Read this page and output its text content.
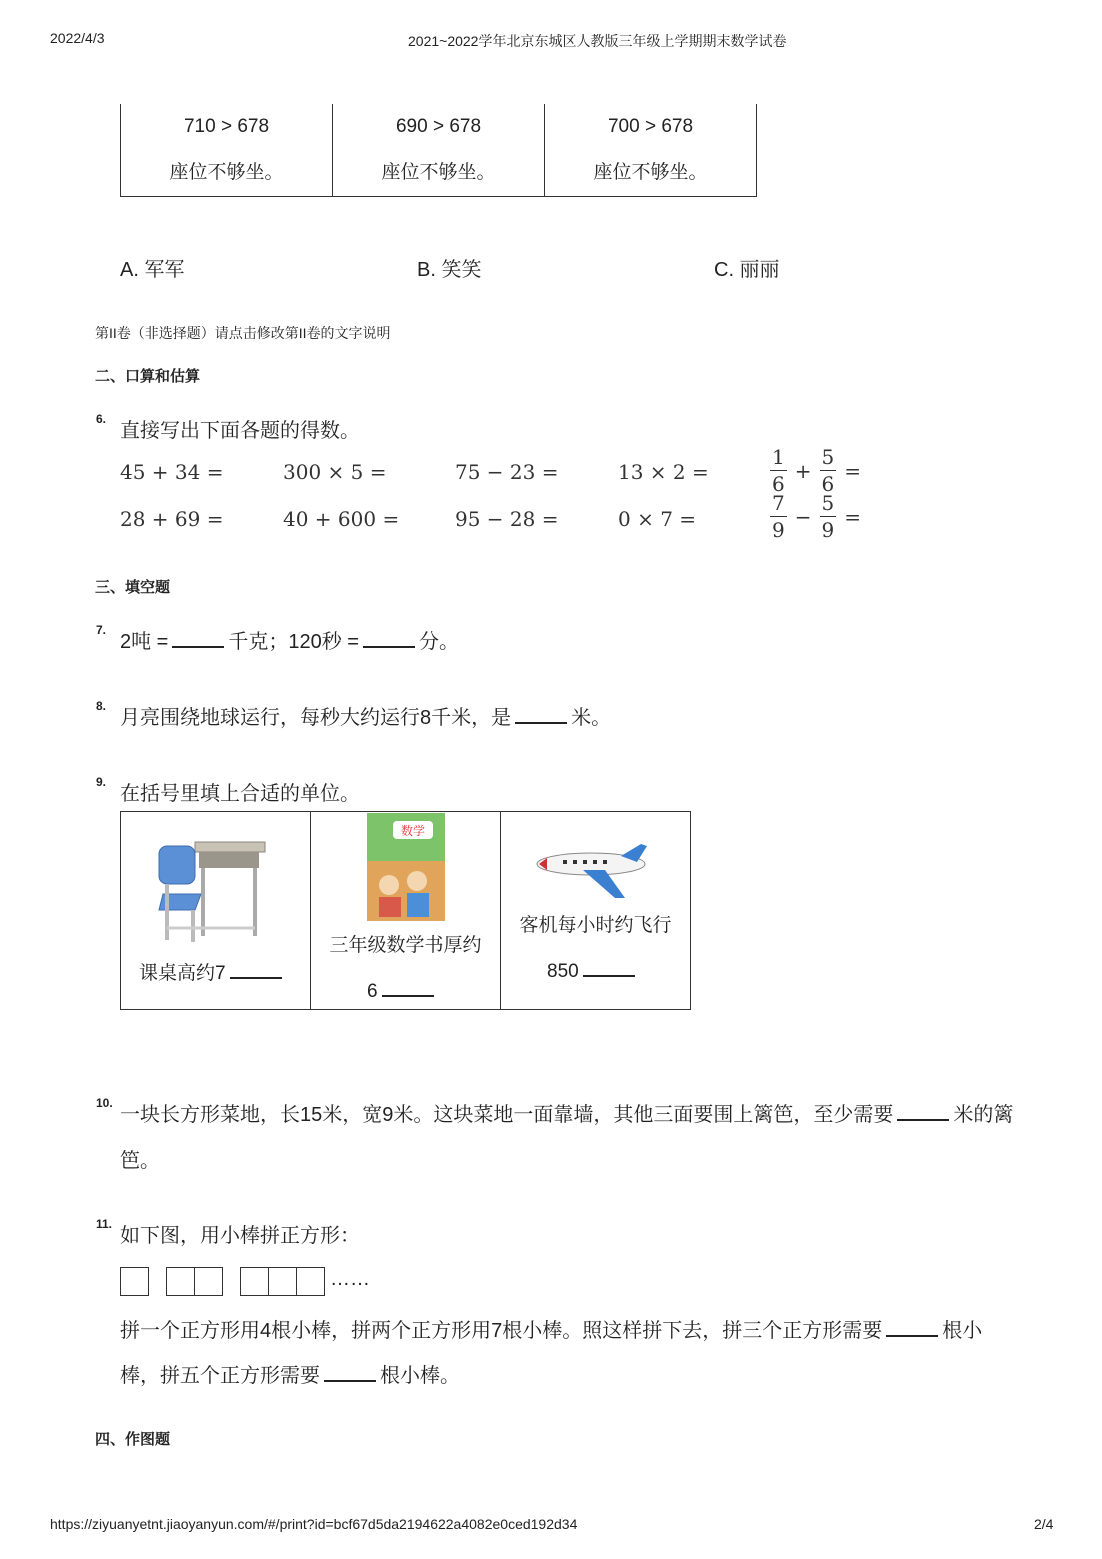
2022/4/3	2021~2022学年北京东城区人教版三年级上学期期末数学试卷
710 > 678
座位不够坐。

690 > 678
座位不够坐。

700 > 678
座位不够坐。
A. 军军	B. 笑笑	C. 丽丽
第II卷（非选择题）请点击修改第II卷的文字说明
二、口算和估算
6.
直接写出下面各题的得数。
45 + 34 =	300 × 5 =	75 − 23 =	13 × 2 =	$\frac{1}{6} + \frac{5}{6}$ =
28 + 69 =	40 + 600 =	95 − 28 =	0 × 7 =	$\frac{7}{9} - \frac{5}{9}$ =
三、填空题
7.
2吨 =	千克；120秒 =	分。
8.
月亮围绕地球运行，每秒大约运行8千米，是	米。
9.
在括号里填上合适的单位。
课桌高约7

数学
三年级数学书厚约
6

客机每小时约飞行
850
10.
一块长方形菜地，长15米，宽9米。这块菜地一面靠墙，其他三面要围上篱笆，至少需要	米的篱
笆。
11.
如下图，用小棒拼正方形：
……
拼一个正方形用4根小棒，拼两个正方形用7根小棒。照这样拼下去，拼三个正方形需要	根小
棒，拼五个正方形需要	根小棒。
四、作图题
https://ziyuanyetnt.jiaoyanyun.com/#/print?id=bcf67d5da2194622a4082e0ced192d34	2/4
